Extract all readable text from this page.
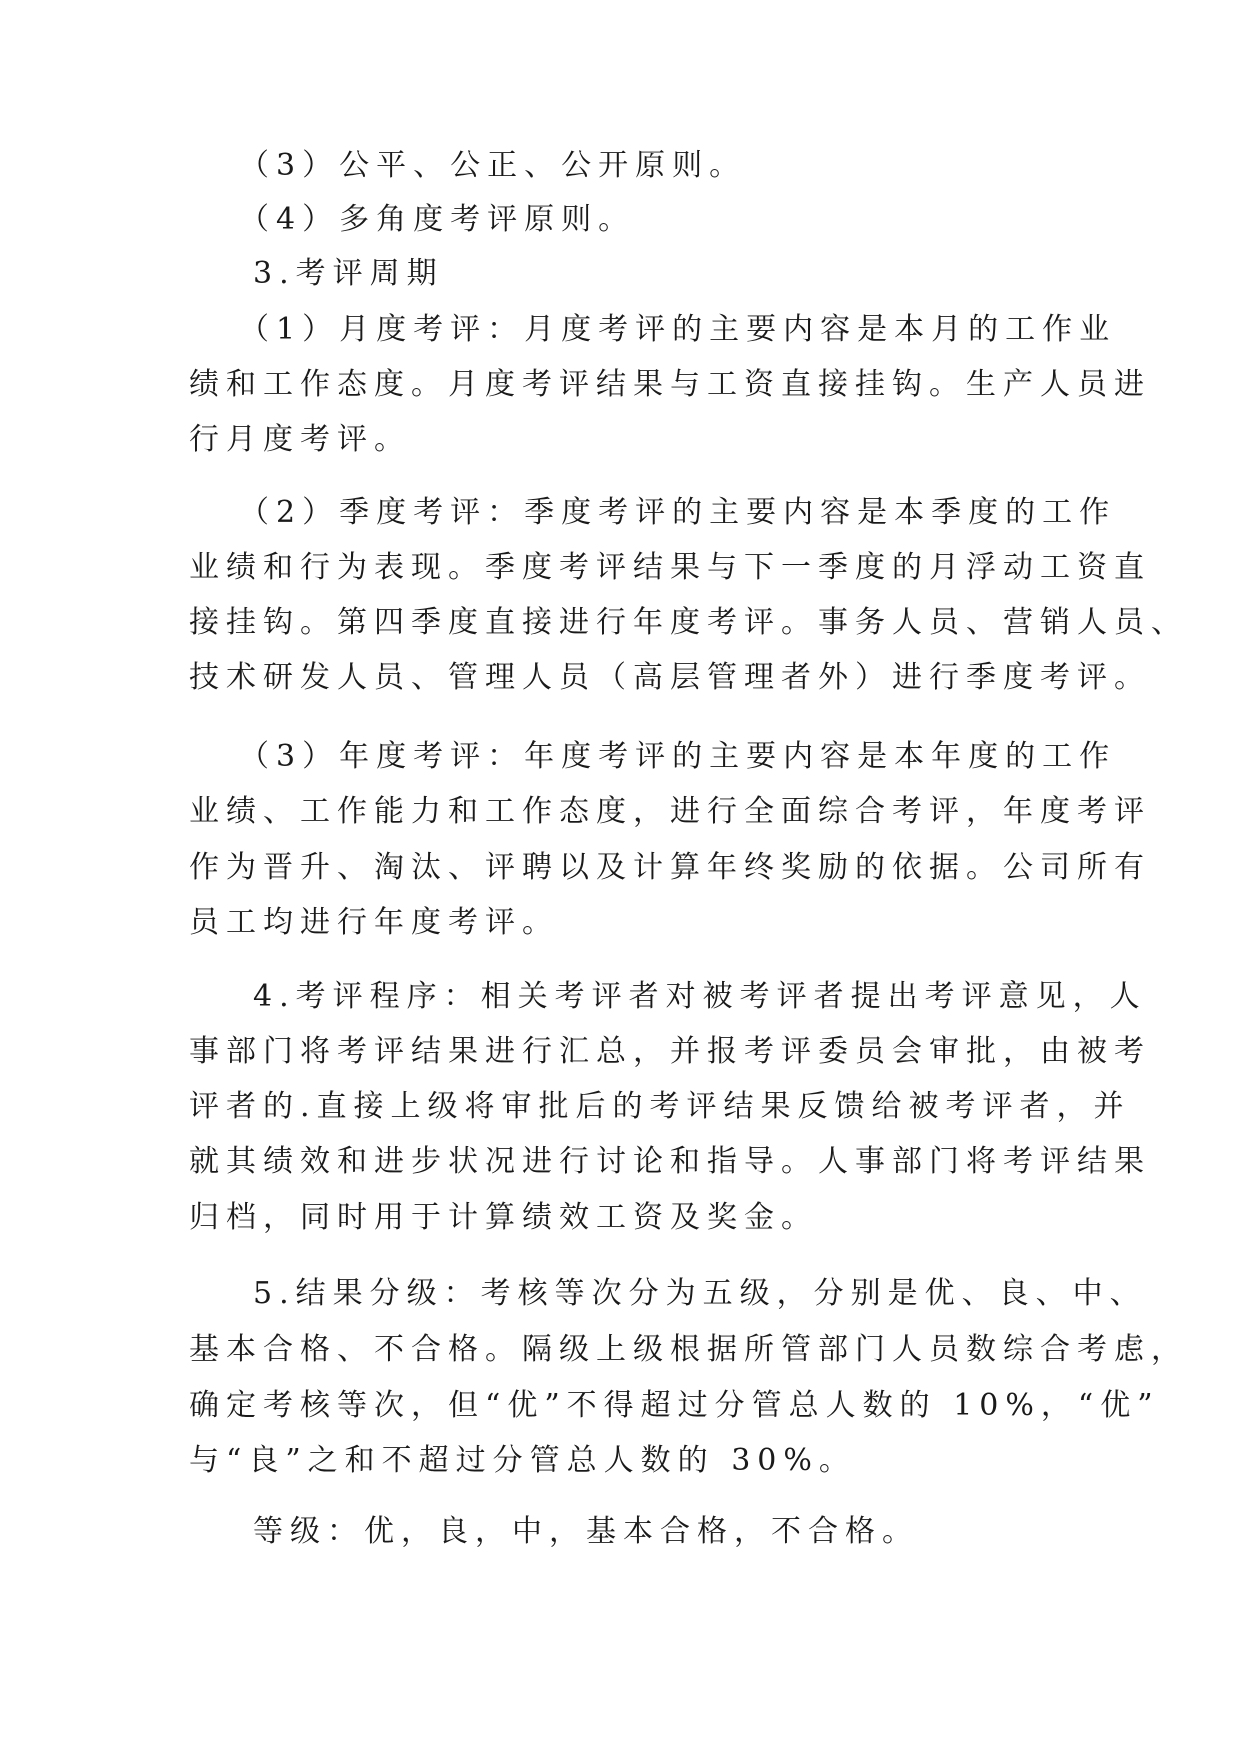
（3）公平、公正、公开原则。
（4）多角度考评原则。
3.考评周期
（1）月度考评：月度考评的主要内容是本月的工作业
绩和工作态度。月度考评结果与工资直接挂钩。生产人员进
行月度考评。
（2）季度考评：季度考评的主要内容是本季度的工作
业绩和行为表现。季度考评结果与下一季度的月浮动工资直
接挂钩。第四季度直接进行年度考评。事务人员、营销人员、
技术研发人员、管理人员（高层管理者外）进行季度考评。
（3）年度考评：年度考评的主要内容是本年度的工作
业绩、工作能力和工作态度，进行全面综合考评，年度考评
作为晋升、淘汰、评聘以及计算年终奖励的依据。公司所有
员工均进行年度考评。
4.考评程序：相关考评者对被考评者提出考评意见，人
事部门将考评结果进行汇总，并报考评委员会审批，由被考
评者的.直接上级将审批后的考评结果反馈给被考评者，并
就其绩效和进步状况进行讨论和指导。人事部门将考评结果
归档，同时用于计算绩效工资及奖金。
5.结果分级：考核等次分为五级，分别是优、良、中、
基本合格、不合格。隔级上级根据所管部门人员数综合考虑，
确定考核等次，但“优”不得超过分管总人数的 10%，“优”
与“良”之和不超过分管总人数的 30%。
等级：优，良，中，基本合格，不合格。
